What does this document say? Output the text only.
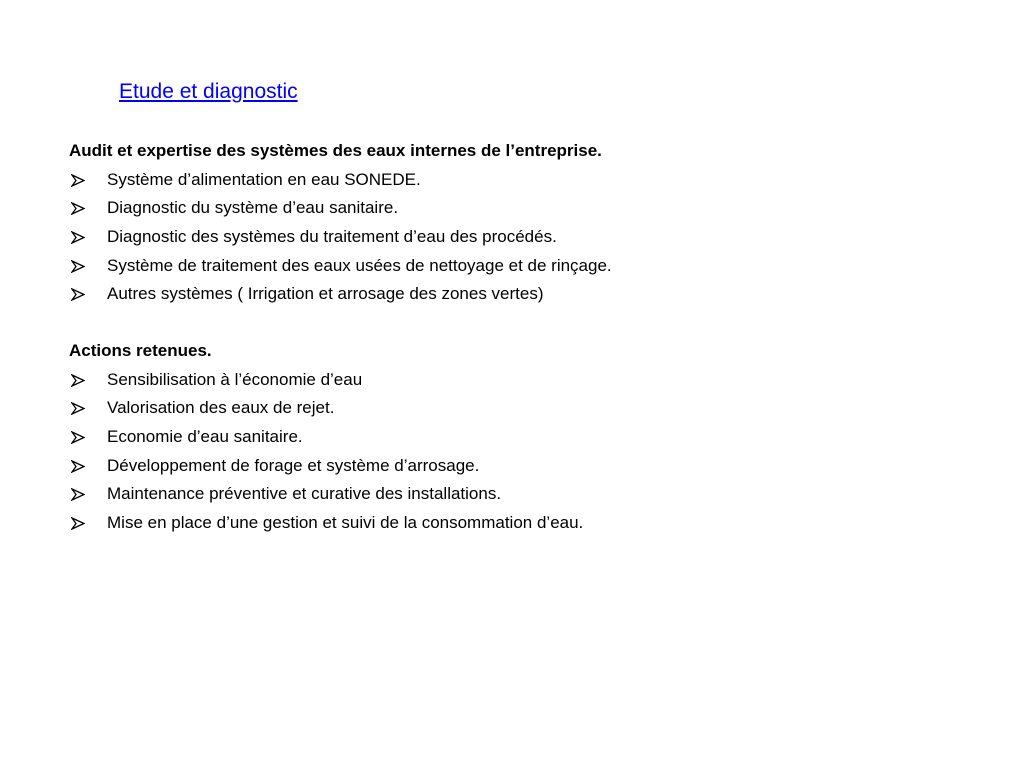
Etude et diagnostic
Audit et expertise des systèmes des eaux internes de l’entreprise.
Système d’alimentation en eau SONEDE.
Diagnostic du système d’eau sanitaire.
Diagnostic des systèmes du traitement d’eau des procédés.
Système de traitement des eaux usées de nettoyage et de rinçage.
Autres systèmes ( Irrigation et arrosage des zones vertes)
Actions retenues.
Sensibilisation à l’économie d’eau
Valorisation des eaux de rejet.
Economie d’eau sanitaire.
Développement de forage et système d’arrosage.
Maintenance préventive et curative des installations.
Mise en place d’une gestion et suivi de la consommation d’eau.
